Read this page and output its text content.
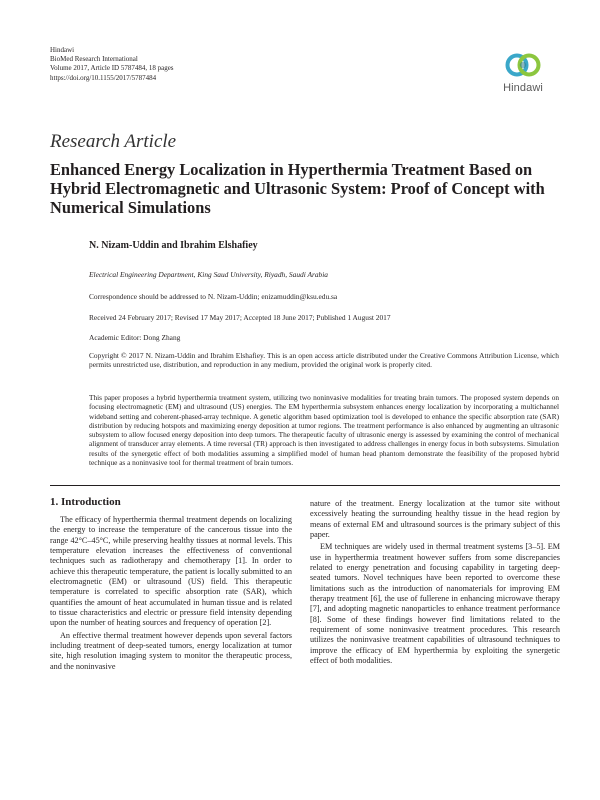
Hindawi
BioMed Research International
Volume 2017, Article ID 5787484, 18 pages
https://doi.org/10.1155/2017/5787484
Hindawi
Research Article
Enhanced Energy Localization in Hyperthermia Treatment Based on Hybrid Electromagnetic and Ultrasonic System: Proof of Concept with Numerical Simulations
N. Nizam-Uddin and Ibrahim Elshafiey
Electrical Engineering Department, King Saud University, Riyadh, Saudi Arabia
Correspondence should be addressed to N. Nizam-Uddin; enizamuddin@ksu.edu.sa
Received 24 February 2017; Revised 17 May 2017; Accepted 18 June 2017; Published 1 August 2017
Academic Editor: Dong Zhang
Copyright © 2017 N. Nizam-Uddin and Ibrahim Elshafiey. This is an open access article distributed under the Creative Commons Attribution License, which permits unrestricted use, distribution, and reproduction in any medium, provided the original work is properly cited.
This paper proposes a hybrid hyperthermia treatment system, utilizing two noninvasive modalities for treating brain tumors. The proposed system depends on focusing electromagnetic (EM) and ultrasound (US) energies. The EM hyperthermia subsystem enhances energy localization by incorporating a multichannel wideband setting and coherent-phased-array technique. A genetic algorithm based optimization tool is developed to enhance the specific absorption rate (SAR) distribution by reducing hotspots and maximizing energy deposition at tumor regions. The treatment performance is also enhanced by augmenting an ultrasonic subsystem to allow focused energy deposition into deep tumors. The therapeutic faculty of ultrasonic energy is assessed by examining the control of mechanical alignment of transducer array elements. A time reversal (TR) approach is then investigated to address challenges in energy focus in both subsystems. Simulation results of the synergetic effect of both modalities assuming a simplified model of human head phantom demonstrate the feasibility of the proposed hybrid technique as a noninvasive tool for thermal treatment of brain tumors.
1. Introduction

The efficacy of hyperthermia thermal treatment depends on localizing the energy to increase the temperature of the cancerous tissue into the range 42°C–45°C, while preserving healthy tissues at normal levels. This temperature elevation increases the effectiveness of conventional techniques such as radiotherapy and chemotherapy [1]. In order to achieve this therapeutic temperature, the patient is locally submitted to an electromagnetic (EM) or ultrasound (US) field. This therapeutic temperature is correlated to specific absorption rate (SAR), which quantifies the amount of heat accumulated in human tissue and is related to tissue characteristics and electric or pressure field intensity depending upon the number of heating sources and frequency of operation [2].

An effective thermal treatment however depends upon several factors including treatment of deep-seated tumors, energy localization at tumor site, high resolution imaging system to monitor the therapeutic process, and the noninvasive

nature of the treatment. Energy localization at the tumor site without excessively heating the surrounding healthy tissue in the head region by means of external EM and ultrasound sources is the primary subject of this paper.

EM techniques are widely used in thermal treatment systems [3–5]. EM use in hyperthermia treatment however suffers from some discrepancies related to energy penetration and focusing capability in targeting deep-seated tumors. Novel techniques have been reported to overcome these limitations such as the introduction of nanomaterials for improving EM therapy treatment [6], the use of fullerene in enhancing microwave therapy [7], and adopting magnetic nanoparticles to enhance treatment performance [8]. Some of these findings however find limitations related to the requirement of some noninvasive treatment procedures. This research utilizes the noninvasive treatment capabilities of ultrasound techniques to improve the efficacy of EM hyperthermia by exploiting the synergetic effect of both modalities.
